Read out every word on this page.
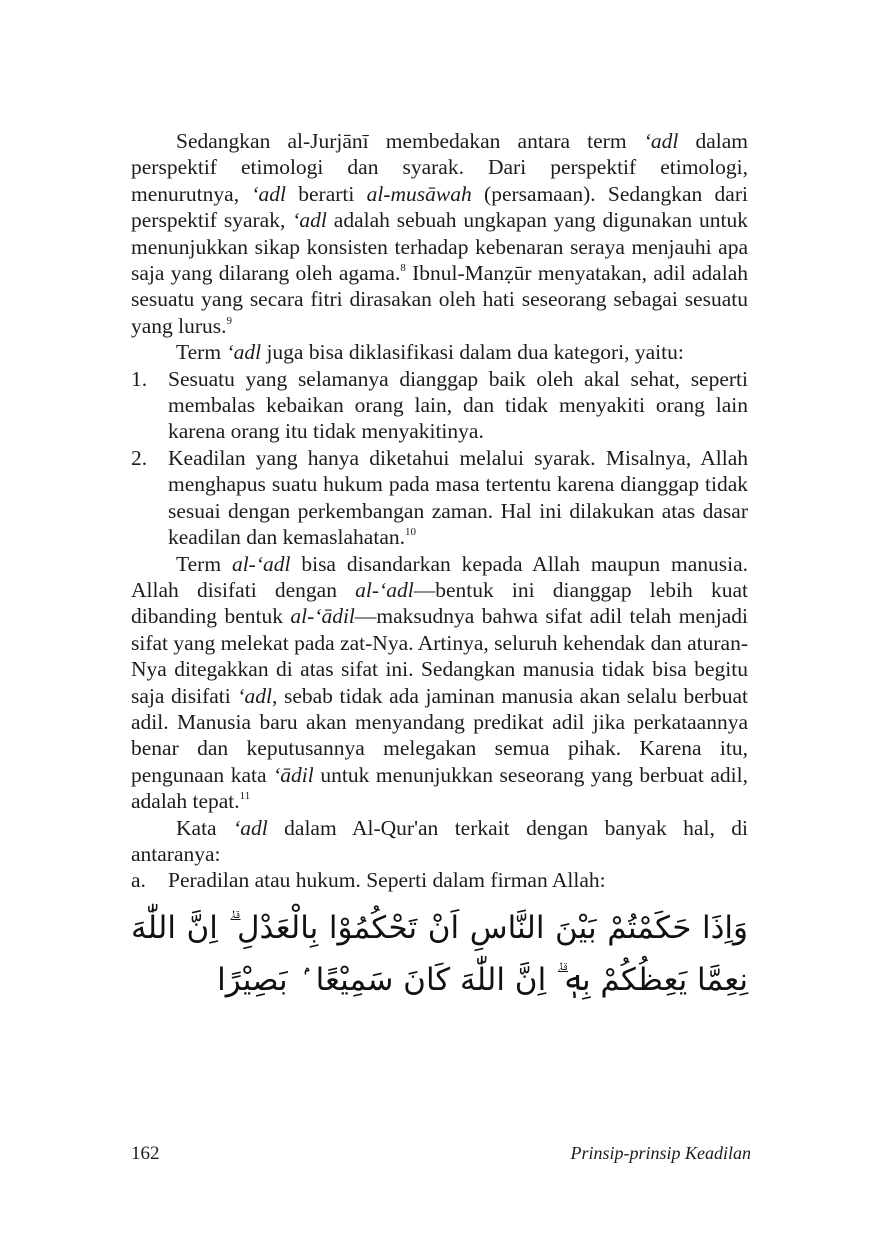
Sedangkan al-Jurjānī membedakan antara term ‘adl dalam perspektif etimologi dan syarak. Dari perspektif etimologi, menurutnya, ‘adl berarti al-musāwah (persamaan). Sedangkan dari perspektif syarak, ‘adl adalah sebuah ungkapan yang digunakan untuk menunjukkan sikap konsisten terhadap kebenaran seraya menjauhi apa saja yang dilarang oleh agama.$^8$ Ibnul-Manẓūr menyatakan, adil adalah sesuatu yang secara fitri dirasakan oleh hati seseorang sebagai sesuatu yang lurus.$^9$

Term ‘adl juga bisa diklasifikasi dalam dua kategori, yaitu:

1. Sesuatu yang selamanya dianggap baik oleh akal sehat, seperti membalas kebaikan orang lain, dan tidak menyakiti orang lain karena orang itu tidak menyakitinya.
2. Keadilan yang hanya diketahui melalui syarak. Misalnya, Allah menghapus suatu hukum pada masa tertentu karena dianggap tidak sesuai dengan perkembangan zaman. Hal ini dilakukan atas dasar keadilan dan kemaslahatan.$^{10}$

Term al-‘adl bisa disandarkan kepada Allah maupun manusia. Allah disifati dengan al-‘adl—bentuk ini dianggap lebih kuat dibanding bentuk al-‘ādil—maksudnya bahwa sifat adil telah menjadi sifat yang melekat pada zat-Nya. Artinya, seluruh kehendak dan aturan-Nya ditegakkan di atas sifat ini. Sedangkan manusia tidak bisa begitu saja disifati ‘adl, sebab tidak ada jaminan manusia akan selalu berbuat adil. Manusia baru akan menyandang predikat adil jika perkataannya benar dan keputusannya melegakan semua pihak. Karena itu, pengunaan kata ‘ādil untuk menunjukkan seseorang yang berbuat adil, adalah tepat.$^{11}$

Kata ‘adl dalam Al-Qur'an terkait dengan banyak hal, di antaranya:

a. Peradilan atau hukum. Seperti dalam firman Allah:
وَاِذَا حَكَمْتُمْ بَيْنَ النَّاسِ اَنْ تَحْكُمُوْا بِالْعَدْلِ ۗ اِنَّ اللّٰهَ نِعِمَّا يَعِظُكُمْ بِهٖ ۗ اِنَّ اللّٰهَ كَانَ سَمِيْعًا ۢ بَصِيْرًا
162	Prinsip-prinsip Keadilan
